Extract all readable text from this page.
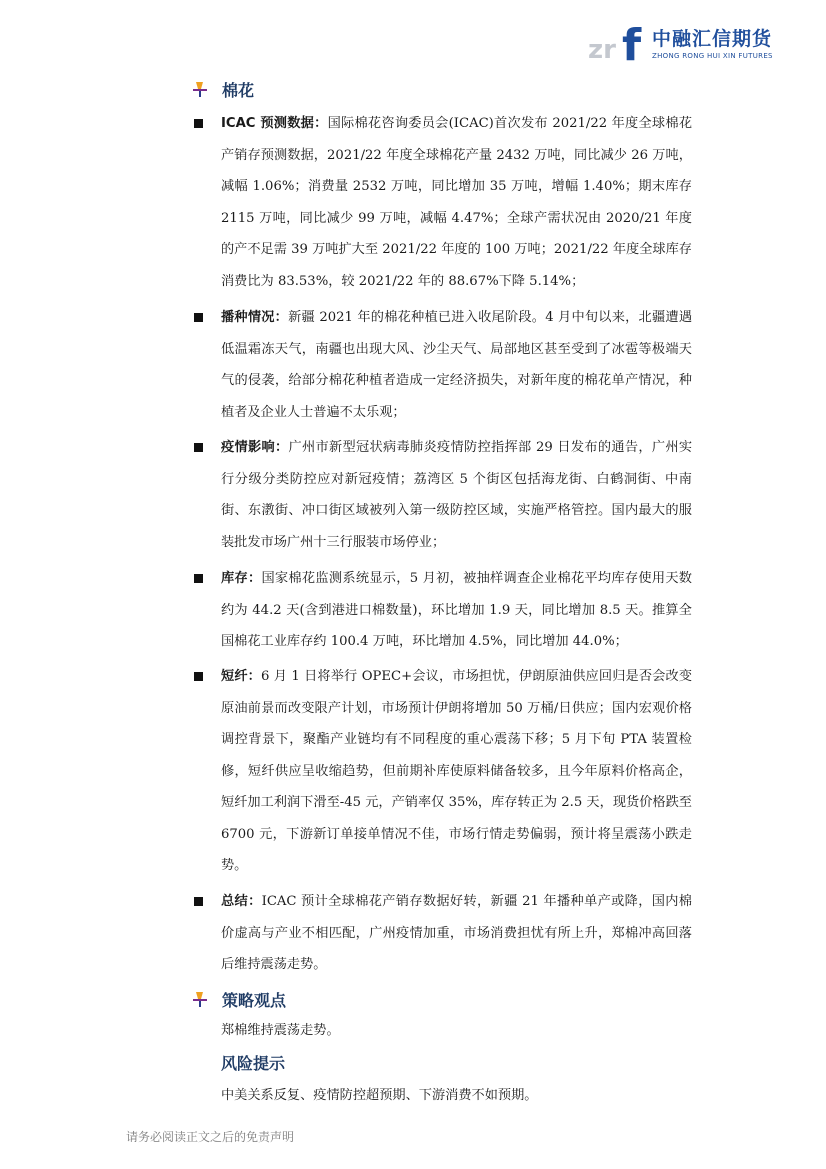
zr f 中融汇信期货
ZHONG RONG HUI XIN FUTURES
棉花
ICAC 预测数据：国际棉花咨询委员会(ICAC)首次发布 2021/22 年度全球棉花产销存预测数据，2021/22 年度全球棉花产量 2432 万吨，同比减少 26 万吨，减幅 1.06%；消费量 2532 万吨，同比增加 35 万吨，增幅 1.40%；期末库存 2115 万吨，同比减少 99 万吨，减幅 4.47%；全球产需状况由 2020/21 年度的产不足需 39 万吨扩大至 2021/22 年度的 100 万吨；2021/22 年度全球库存消费比为 83.53%，较 2021/22 年的 88.67%下降 5.14%；
播种情况：新疆 2021 年的棉花种植已进入收尾阶段。4 月中旬以来，北疆遭遇低温霜冻天气，南疆也出现大风、沙尘天气、局部地区甚至受到了冰雹等极端天气的侵袭，给部分棉花种植者造成一定经济损失，对新年度的棉花单产情况，种植者及企业人士普遍不太乐观；
疫情影响：广州市新型冠状病毒肺炎疫情防控指挥部 29 日发布的通告，广州实行分级分类防控应对新冠疫情；荔湾区 5 个街区包括海龙街、白鹤洞街、中南街、东漖街、冲口街区域被列入第一级防控区域，实施严格管控。国内最大的服装批发市场广州十三行服装市场停业；
库存：国家棉花监测系统显示，5 月初，被抽样调查企业棉花平均库存使用天数约为 44.2 天(含到港进口棉数量)，环比增加 1.9 天，同比增加 8.5 天。推算全国棉花工业库存约 100.4 万吨，环比增加 4.5%，同比增加 44.0%；
短纤：6 月 1 日将举行 OPEC+会议，市场担忧，伊朗原油供应回归是否会改变原油前景而改变限产计划，市场预计伊朗将增加 50 万桶/日供应；国内宏观价格调控背景下，聚酯产业链均有不同程度的重心震荡下移；5 月下旬 PTA 装置检修，短纤供应呈收缩趋势，但前期补库使原料储备较多，且今年原料价格高企，短纤加工利润下滑至-45 元，产销率仅 35%，库存转正为 2.5 天，现货价格跌至 6700 元，下游新订单接单情况不佳，市场行情走势偏弱，预计将呈震荡小跌走势。
总结：ICAC 预计全球棉花产销存数据好转，新疆 21 年播种单产或降，国内棉价虚高与产业不相匹配，广州疫情加重，市场消费担忧有所上升，郑棉冲高回落后维持震荡走势。
策略观点
郑棉维持震荡走势。
风险提示
中美关系反复、疫情防控超预期、下游消费不如预期。
请务必阅读正文之后的免责声明
